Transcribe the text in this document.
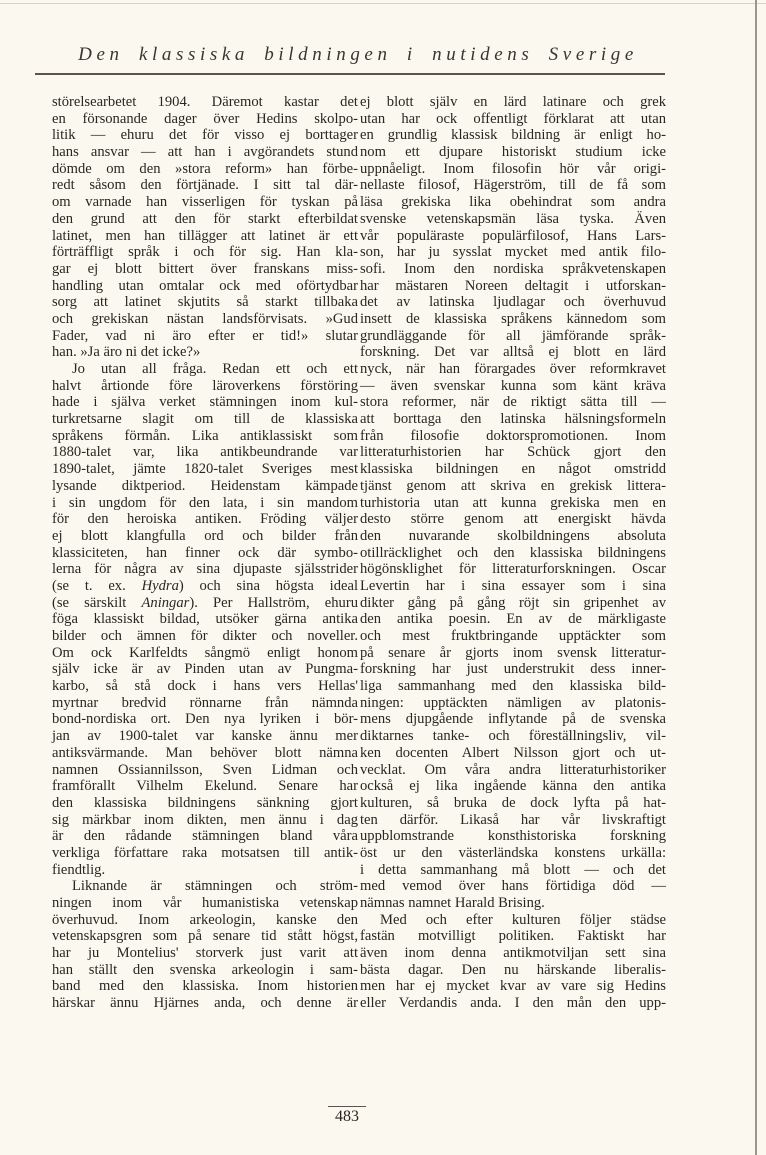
Den klassiska bildningen i nutidens Sverige
störelsearbetet 1904. Däremot kastar det
en försonande dager över Hedins skolpo-
litik — ehuru det för visso ej borttager
hans ansvar — att han i avgörandets stund
dömde om den »stora reform» han förbe-
redt såsom den förtjänade. I sitt tal där-
om varnade han visserligen för tyskan på
den grund att den för starkt efterbildat
latinet, men han tillägger att latinet är ett
förträffligt språk i och för sig. Han kla-
gar ej blott bittert över franskans miss-
handling utan omtalar ock med oförtydbar
sorg att latinet skjutits så starkt tillbaka
och grekiskan nästan landsförvisats. »Gud
Fader, vad ni äro efter er tid!» slutar
han. »Ja äro ni det icke?»
Jo utan all fråga. Redan ett och ett
halvt årtionde före läroverkens förstöring
hade i själva verket stämningen inom kul-
turkretsarne slagit om till de klassiska
språkens förmån. Lika antiklassiskt som
1880-talet var, lika antikbeundrande var
1890-talet, jämte 1820-talet Sveriges mest
lysande diktperiod. Heidenstam kämpade
i sin ungdom för den lata, i sin mandom
för den heroiska antiken. Fröding väljer
ej blott klangfulla ord och bilder från
klassiciteten, han finner ock där symbo-
lerna för några av sina djupaste själsstrider
(se t. ex. Hydra) och sina högsta ideal
(se särskilt Aningar). Per Hallström, ehuru
föga klassiskt bildad, utsöker gärna antika
bilder och ämnen för dikter och noveller.
Om ock Karlfeldts sångmö enligt honom
själv icke är av Pinden utan av Pungma-
karbo, så stå dock i hans vers Hellas'
myrtnar bredvid rönnarne från nämnda
bond-nordiska ort. Den nya lyriken i bör-
jan av 1900-talet var kanske ännu mer
antiksvärmande. Man behöver blott nämna
namnen Ossiannilsson, Sven Lidman och
framförallt Vilhelm Ekelund. Senare har
den klassiska bildningens sänkning gjort
sig märkbar inom dikten, men ännu i dag
är den rådande stämningen bland våra
verkliga författare raka motsatsen till antik-
fiendtlig.
Liknande är stämningen och ström-
ningen inom vår humanistiska vetenskap
överhuvud. Inom arkeologin, kanske den
vetenskapsgren som på senare tid stått högst,
har ju Montelius' storverk just varit att
han ställt den svenska arkeologin i sam-
band med den klassiska. Inom historien
härskar ännu Hjärnes anda, och denne är
ej blott själv en lärd latinare och grek
utan har ock offentligt förklarat att utan
en grundlig klassisk bildning är enligt ho-
nom ett djupare historiskt studium icke
uppnåeligt. Inom filosofin hör vår origi-
nellaste filosof, Hägerström, till de få som
läsa grekiska lika obehindrat som andra
svenske vetenskapsmän läsa tyska. Även
vår populäraste populärfilosof, Hans Lars-
son, har ju sysslat mycket med antik filo-
sofi. Inom den nordiska språkvetenskapen
har mästaren Noreen deltagit i utforskan-
det av latinska ljudlagar och överhuvud
insett de klassiska språkens kännedom som
grundläggande för all jämförande språk-
forskning. Det var alltså ej blott en lärd
nyck, när han förargades över reformkravet
— även svenskar kunna som känt kräva
stora reformer, när de riktigt sätta till —
att borttaga den latinska hälsningsformeln
från filosofie doktorspromotionen. Inom
litteraturhistorien har Schück gjort den
klassiska bildningen en något omstridd
tjänst genom att skriva en grekisk littera-
turhistoria utan att kunna grekiska men en
desto större genom att energiskt hävda
den nuvarande skolbildningens absoluta
otillräcklighet och den klassiska bildningens
högönsklighet för litteraturforskningen. Oscar
Levertin har i sina essayer som i sina
dikter gång på gång röjt sin gripenhet av
den antika poesin. En av de märkligaste
och mest fruktbringande upptäckter som
på senare år gjorts inom svensk litteratur-
forskning har just understrukit dess inner-
liga sammanhang med den klassiska bild-
ningen: upptäckten nämligen av platonis-
mens djupgående inflytande på de svenska
diktarnes tanke- och föreställningsliv, vil-
ken docenten Albert Nilsson gjort och ut-
vecklat. Om våra andra litteraturhistoriker
också ej lika ingående känna den antika
kulturen, så bruka de dock lyfta på hat-
ten därför. Likaså har vår livskraftigt
uppblomstrande konsthistoriska forskning
öst ur den västerländska konstens urkälla:
i detta sammanhang må blott — och det
med vemod över hans förtidiga död —
nämnas namnet Harald Brising.
Med och efter kulturen följer städse
fastän motvilligt politiken. Faktiskt har
även inom denna antikmotviljan sett sina
bästa dagar. Den nu härskande liberalis-
men har ej mycket kvar av vare sig Hedins
eller Verdandis anda. I den mån den upp-
483
